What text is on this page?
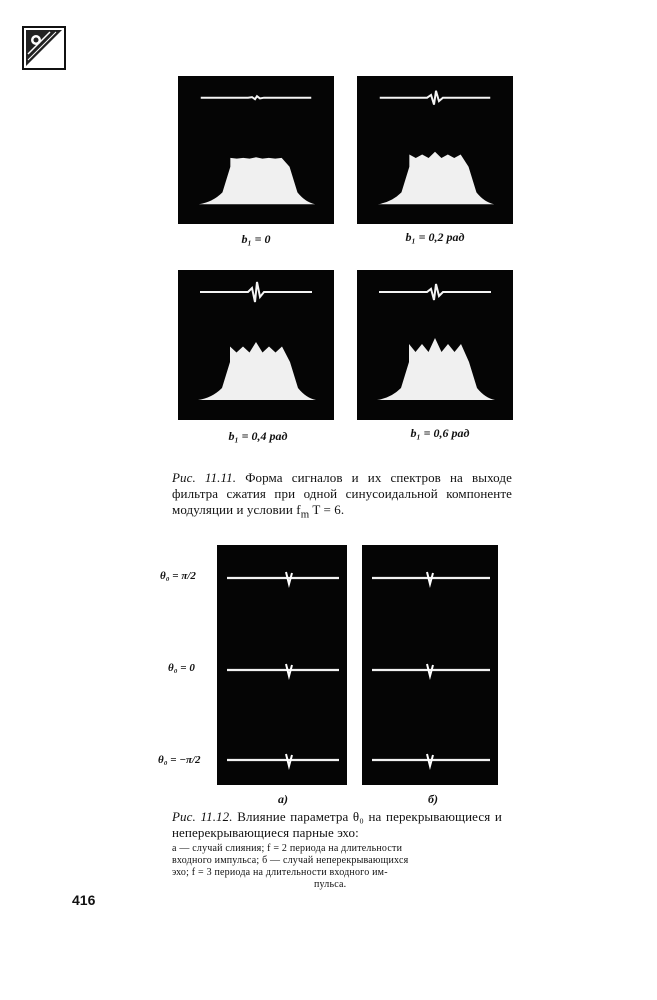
b₁ = 0	b₁ = 0,2 рад
b₁ = 0,4 рад	b₁ = 0,6 рад
Рис. 11.11. Форма сигналов и их спектров на выходе фильтра сжатия при одной синусоидальной компоненте модуляции и условии $f_m$ T = 6.
θ₀ = π/2
θ₀ = 0
θ₀ = −π/2
а)	б)
Рис. 11.12. Влияние параметра θ₀ на перекрывающиеся и неперекрывающиеся парные эхо:
а — случай слияния; f = 2 периода на длительности
входного импульса; б — случай неперекрывающихся
эхо; f = 3 периода на длительности входного им-
пульса.
416
